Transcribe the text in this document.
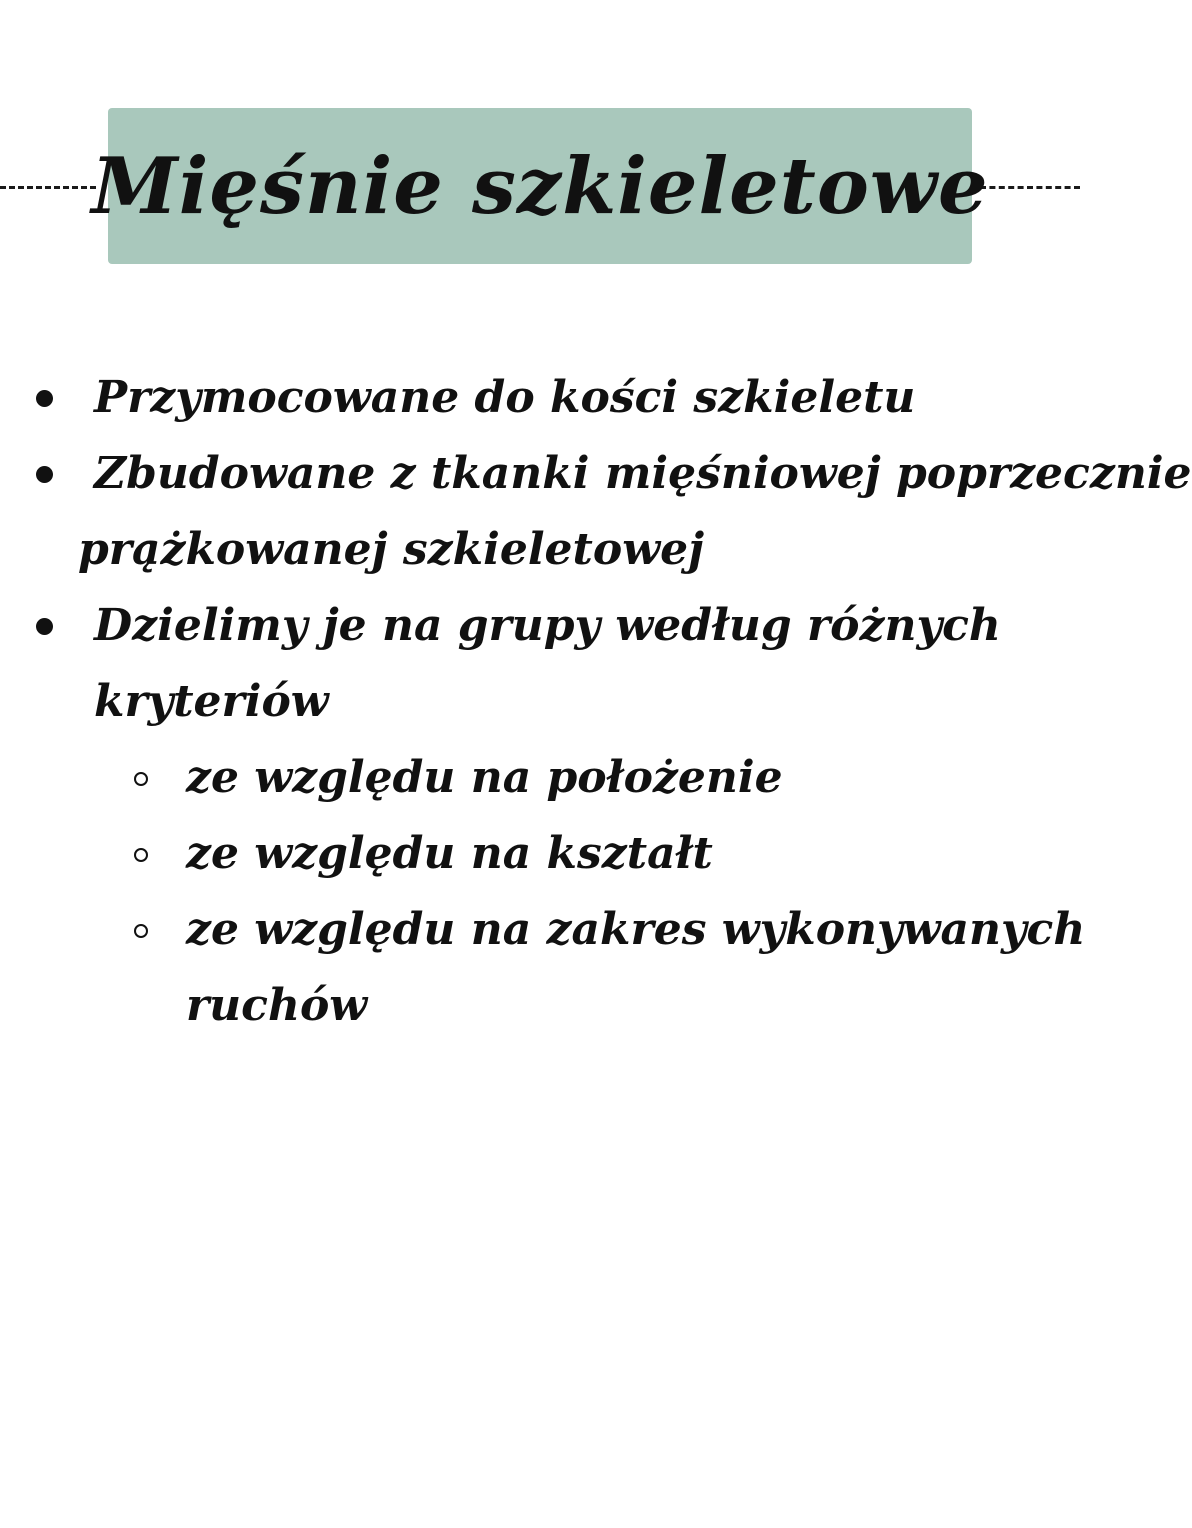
Mięśnie szkieletowe
Przymocowane do kości szkieletu
Zbudowane z tkanki mięśniowej poprzecznie
prążkowanej szkieletowej
Dzielimy je na grupy według różnych
kryteriów
ze względu na położenie
ze względu na kształt
ze względu na zakres wykonywanych
ruchów
